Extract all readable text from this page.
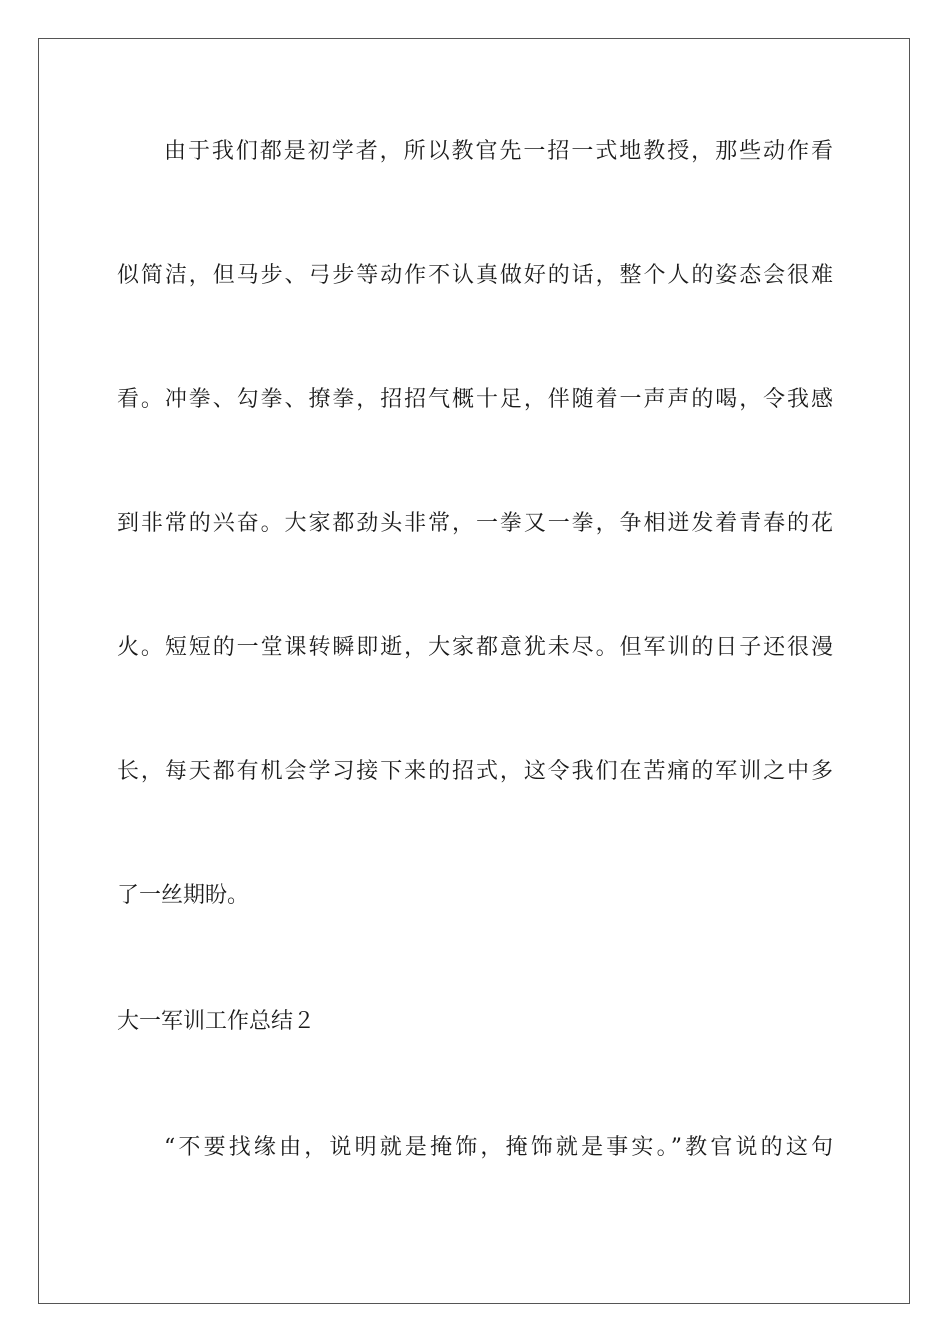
由于我们都是初学者，所以教官先一招一式地教授，那些动作看
似简洁，但马步、弓步等动作不认真做好的话，整个人的姿态会很难
看。冲拳、勾拳、撩拳，招招气概十足，伴随着一声声的喝，令我感
到非常的兴奋。大家都劲头非常，一拳又一拳，争相迸发着青春的花
火。短短的一堂课转瞬即逝，大家都意犹未尽。但军训的日子还很漫
长，每天都有机会学习接下来的招式，这令我们在苦痛的军训之中多
了一丝期盼。
大一军训工作总结２
“不要找缘由，说明就是掩饰，掩饰就是事实。”教官说的这句
